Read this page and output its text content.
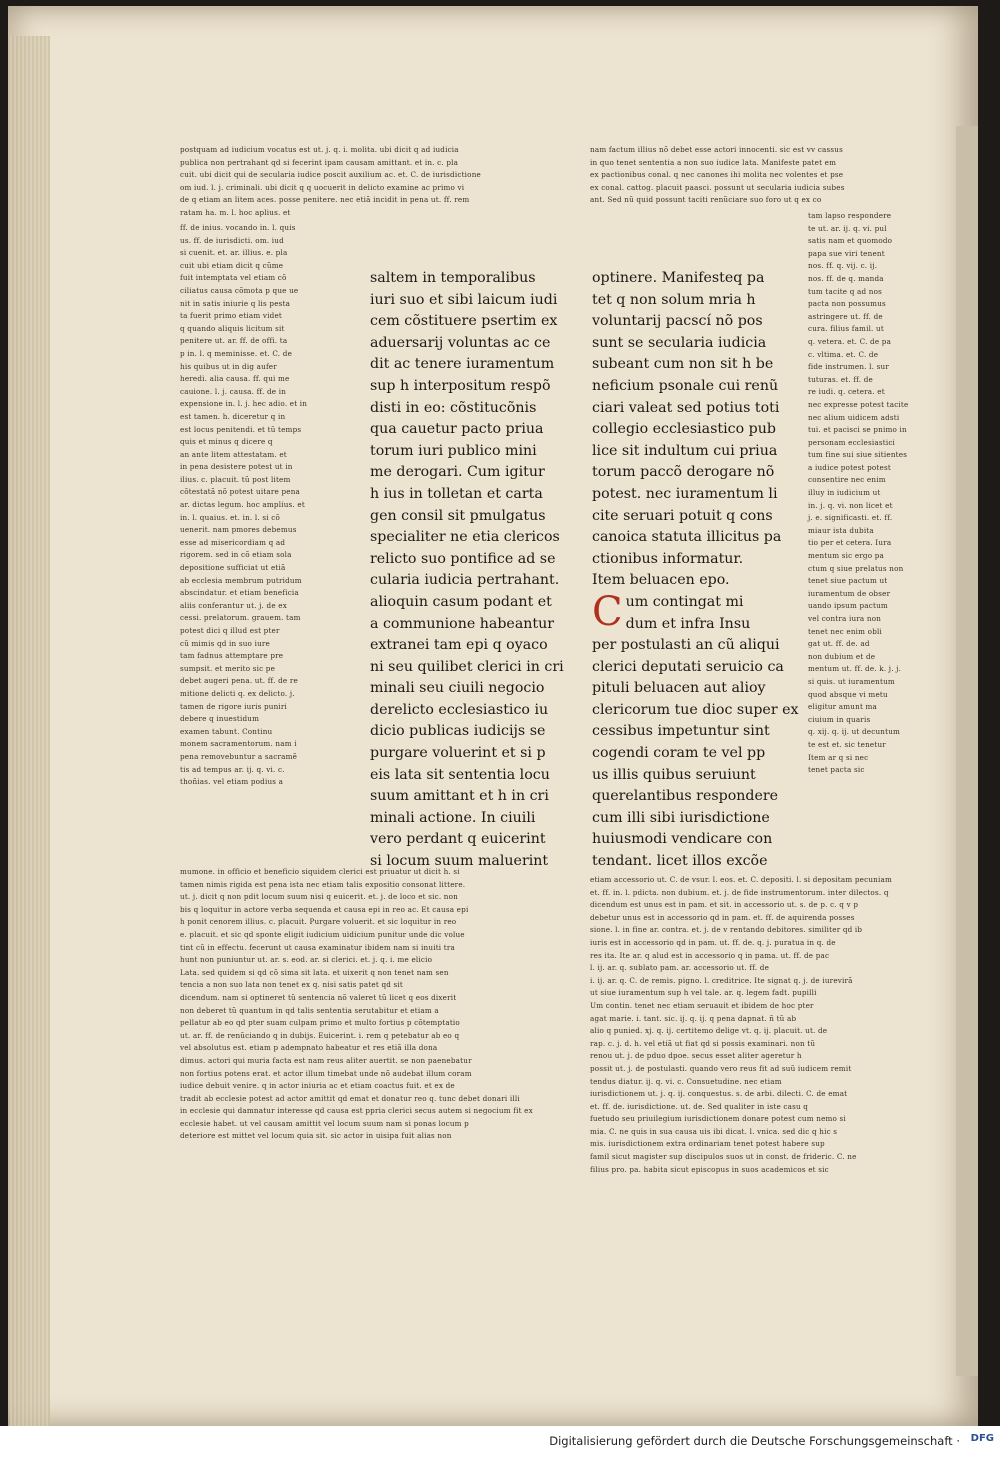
postquam ad iudicium vocatus est ut. j. q. i. molita. ubi dicit q ad iudicia
publica non pertrahant qd si fecerint ipam causam amittant. et in. c. pla
cuit. ubi dicit qui de secularia iudice poscit auxilium ac. et. C. de iurisdictione
om iud. l. j. criminali. ubi dicit q q uocuerit in delicto examine ac primo vi
de q etiam an litem aces. posse penitere. nec etiã incidit in pena ut. ff. rem
ratam ha. m. l. hoc aplius. et
nam factum illius nõ debet esse actori innocenti. sic est vv cassus
in quo tenet sententia a non suo iudice lata. Manifeste patet em
ex pactionibus conal. q nec canones ihi molita nec volentes et pse
ex conal. cattog. placuit paasci. possunt ut secularia iudicia subes
ant. Sed nũ quid possunt taciti renũciare suo foro ut q ex co
ff. de inius. vocando in. l. quis
us. ff. de iurisdicti. om. iud
si cuenit. et. ar. illius. e. pla
cuit ubi etiam dicit q cũme
fuit intemptata vel etiam cõ
ciliatus causa cõmota p que ue
nit in satis iniurie q lis pesta
ta fuerit primo etiam videt
q quando aliquis licitum sit
penitere ut. ar. ff. de offi. ta
p in. l. q meminisse. et. C. de
his quibus ut in dig aufer
heredi. alia causa. ff. qui me
cauione. l. j. causa. ff. de in
expensione in. l. j. hec adio. et in
est tamen. h. diceretur q in
est locus penitendi. et tũ temps
quis et minus q dicere q
an ante litem attestatam. et
in pena desistere potest ut in
ilius. c. placuit. tũ post litem
cõtestatã nõ potest uitare pena
ar. dictas legum. hoc amplius. et
in. l. quaius. et. in. l. si cõ
uenerit. nam pmores debemus
esse ad misericordiam q ad
rigorem. sed in cõ etiam sola
depositione sufficiat ut etiã
ab ecclesia membrum putridum
abscindatur. et etiam beneficia
aliis conferantur ut. j. de ex
cessi. prelatorum. grauem. tam
potest dici q illud est pter
cũ mimis qd in suo iure
tam fadnus attemptare pre
sumpsit. et merito sic pe
debet augeri pena. ut. ff. de re
mitione delicti q. ex delicto. j.
tamen de rigore iuris puniri
debere q inuestidum
examen tabunt. Continu
monem sacramentorum. nam i
pena removebuntur a sacramẽ
tis ad tempus ar. ij. q. vi. c.
thoñias. vel etiam podius a
tam lapso respondere
te ut. ar. ij. q. vi. pul
satis nam et quomodo
papa sue viri tenent
nos. ff. q. vij. c. ij.
nos. ff. de q. manda
tum tacite q ad nos
pacta non possumus
astringere ut. ff. de
cura. filius famil. ut
q. vetera. et. C. de pa
c. vltima. et. C. de
fide instrumen. l. sur
tuturas. et. ff. de
re iudi. q. cetera. et
nec expresse potest tacite
nec alium uidicem adsti
tui. et pacisci se pnimo in
personam ecclesiastici
tum fine sui siue sitientes
a iudice potest potest
consentire nec enim
illuy in iudicium ut
in. j. q. vi. non licet et
j. e. significasti. et. ff.
miaur ista dubita
tio per et cetera. Iura
mentum sic ergo pa
ctum q siue prelatus non
tenet siue pactum ut
iuramentum de obser
uando ipsum pactum
vel contra iura non
tenet nec enim obli
gat ut. ff. de. ad
non dubium et de
mentum ut. ff. de. k. j. j.
si quis. ut iuramentum
quod absque vi metu
eligitur amunt ma
ciuium in quaris
q. xij. q. ij. ut decuntum
te est et. sic tenetur
Item ar q si nec
tenet pacta sic
saltem in temporalibus
iuri suo et sibi laicum iudi
cem cõstituere psertim ex
aduersarij voluntas ac ce
dit ac tenere iuramentum
sup h interpositum respõ
disti in eo: cõstitucõnis
qua cauetur pacto priua
torum iuri publico mini
me derogari. Cum igitur
h ius in tolletan et carta
gen consil sit pmulgatus
specialiter ne etia clericos
relicto suo pontifice ad se
cularia iudicia pertrahant.
alioquin casum podant et
a communione habeantur
extranei tam epi q oyaco
ni seu quilibet clerici in cri
minali seu ciuili negocio
derelicto ecclesiastico iu
dicio publicas iudicijs se
purgare voluerint et si p
eis lata sit sententia locu
suum amittant et h in cri
minali actione. In ciuili
vero perdant q euicerint
si locum suum maluerint
optinere. Manifesteq pa
tet q non solum mria h
voluntarij pacscí nõ pos
sunt se secularia iudicia
subeant cum non sit h be
neficium psonale cui renũ
ciari valeat sed potius toti
collegio ecclesiastico pub
lice sit indultum cui priua
torum paccõ derogare nõ
potest. nec iuramentum li
cite seruari potuit q cons
canoica statuta illicitus pa
ctionibus informatur.
Item beluacen epo.
C um contingat mi
dum et infra Insu
per postulasti an cũ aliqui
clerici deputati seruicio ca
pituli beluacen aut alioy
clericorum tue dioc super ex
cessibus impetuntur sint
cogendi coram te vel pp
us illis quibus seruiunt
querelantibus respondere
cum illi sibi iurisdictione
huiusmodi vendicare con
tendant. licet illos excõe
mumone. in officio et beneficio siquidem clerici est priuatur ut dicit h. si
tamen nimis rigida est pena ista nec etiam talis expositio consonat littere.
ut. j. dicit q non pdit locum suum nisi q euicerit. et. j. de loco et sic. non
bis q loquitur in actore verba sequenda et causa epi in reo ac. Et causa epi
h ponit cenorem illius. c. placuit. Purgare voluerit. et sic loquitur in reo
e. placuit. et sic qd sponte eligit iudicium uidicium punitur unde dic volue
tint cũ in effectu. fecerunt ut causa examinatur ibidem nam si inuiti tra
hunt non puniuntur ut. ar. s. eod. ar. si clerici. et. j. q. i. me elicio
Lata. sed quidem si qd cõ sima sit lata. et uixerit q non tenet nam sen
tencia a non suo lata non tenet ex q. nisi satis patet qd sit
dicendum. nam si optineret tũ sentencia nõ valeret tũ licet q eos dixerit
non deberet tũ quantum in qd talis sententia serutabitur et etiam a
pellatur ab eo qd pter suam culpam primo et multo fortius p cõtemptatio
ut. ar. ff. de renũciando q in dubijs. Euicerint. i. rem q petebatur ab eo q
vel absolutus est. etiam p adempnato habeatur et res etiã illa dona
dimus. actori qui muria facta est nam reus aliter auertit. se non paenebatur
non fortius potens erat. et actor illum timebat unde nõ audebat illum coram
iudice debuit venire. q in actor iniuria ac et etiam coactus fuit. et ex de
tradit ab ecclesie potest ad actor amittit qd emat et donatur reo q. tunc debet donari illi
in ecclesie qui damnatur interesse qd causa est ppria clerici secus autem si negocium fit ex
ecclesie habet. ut vel causam amittit vel locum suum nam si ponas locum p
deteriore est mittet vel locum quia sit. sic actor in uisipa fuit alias non
etiam accessorio ut. C. de vsur. l. eos. et. C. depositi. l. si depositam pecuniam
et. ff. in. l. pdicta. non dubium. et. j. de fide instrumentorum. inter dilectos. q
dicendum est unus est in pam. et sit. in accessorio ut. s. de p. c. q v p
debetur unus est in accessorio qd in pam. et. ff. de aquirenda posses
sione. l. in fine ar. contra. et. j. de v rentando debitores. similiter qd ib
iuris est in accessorio qd in pam. ut. ff. de. q. j. puratua in q. de
res ita. Ite ar. q alud est in accessorio q in pama. ut. ff. de pac
l. ij. ar. q. sublato pam. ar. accessorio ut. ff. de
i. ij. ar. q. C. de remis. pigno. l. creditrice. Ite signat q. j. de iurevirã
ut siue iuramentum sup h vel tale. ar. q. legem fadt. pupilli
Um contin. tenet nec etiam seruauit et ibidem de hoc pter
agat marie. i. tant. sic. ij. q. ij. q pena dapnat. ñ tũ ab
alio q punied. xj. q. ij. certitemo delige vt. q. ij. placuit. ut. de
rap. c. j. d. h. vel etiã ut fiat qd si possis examinari. non tũ
renou ut. j. de pduo dpoe. secus esset aliter ageretur h
possit ut. j. de postulasti. quando vero reus fit ad suũ iudicem remit
tendus diatur. ij. q. vi. c. Consuetudine. nec etiam
iurisdictionem ut. j. q. ij. conquestus. s. de arbi. dilecti. C. de emat
et. ff. de. iurisdictione. ut. de. Sed qualiter in iste casu q
fuetudo seu priuilegium iurisdictionem donare potest cum nemo si
mia. C. ne quis in sua causa uis ibi dicat. l. vnica. sed dic q hic s
mis. iurisdictionem extra ordinariam tenet potest habere sup
famil sicut magister sup discipulos suos ut in const. de frideric. C. ne
filius pro. pa. habita sicut episcopus in suos academicos et sic
Digitalisierung gefördert durch die Deutsche Forschungsgemeinschaft · DFG
